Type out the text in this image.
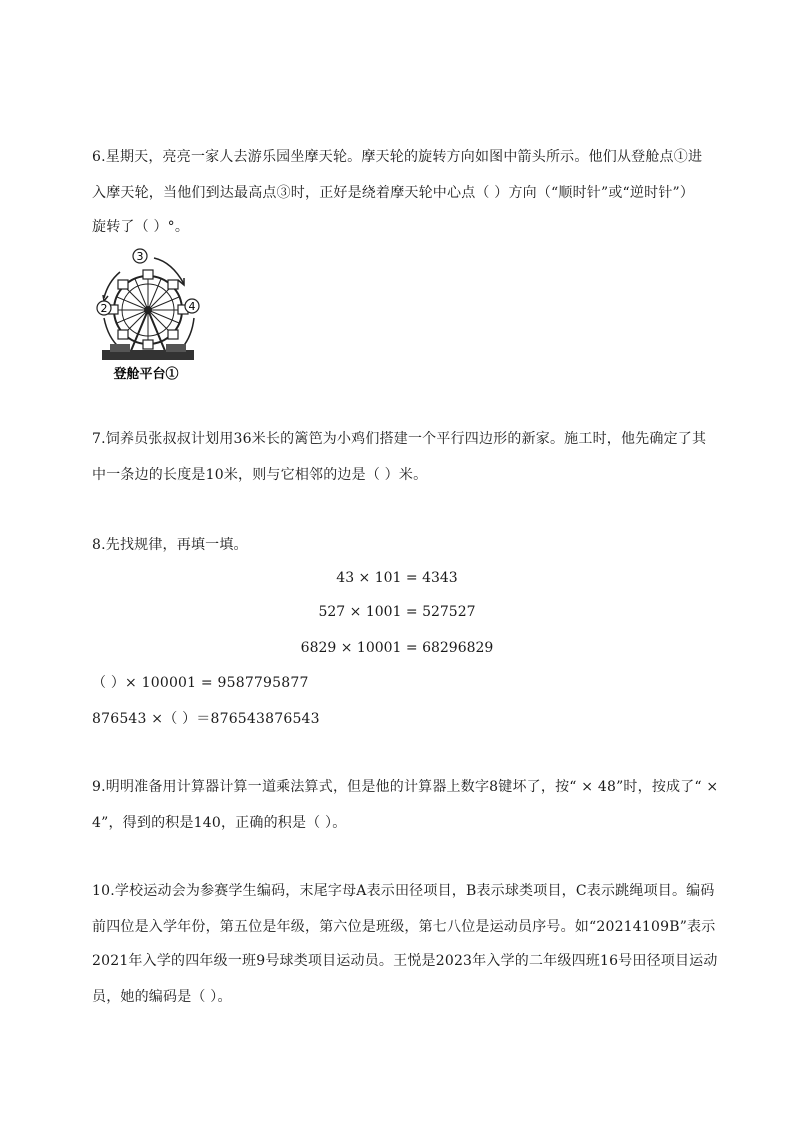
6.星期天，亮亮一家人去游乐园坐摩天轮。摩天轮的旋转方向如图中箭头所示。他们从登舱点①进
入摩天轮，当他们到达最高点③时，正好是绕着摩天轮中心点（ ）方向（“顺时针”或“逆时针”）
旋转了（ ）°。
3
2	4
登舱平台①
7.饲养员张叔叔计划用36米长的篱笆为小鸡们搭建一个平行四边形的新家。施工时，他先确定了其
中一条边的长度是10米，则与它相邻的边是（ ）米。
8.先找规律，再填一填。
43 × 101 = 4343
527 × 1001 = 527527
6829 × 10001 = 68296829
（ ）× 100001 = 9587795877
876543 ×（ ）＝876543876543
9.明明准备用计算器计算一道乘法算式，但是他的计算器上数字8键坏了，按“ × 48”时，按成了“ ×
4”，得到的积是140，正确的积是（ ）。
10.学校运动会为参赛学生编码，末尾字母A表示田径项目，B表示球类项目，C表示跳绳项目。编码
前四位是入学年份，第五位是年级，第六位是班级，第七八位是运动员序号。如“20214109B”表示
2021年入学的四年级一班9号球类项目运动员。王悦是2023年入学的二年级四班16号田径项目运动
员，她的编码是（ ）。
